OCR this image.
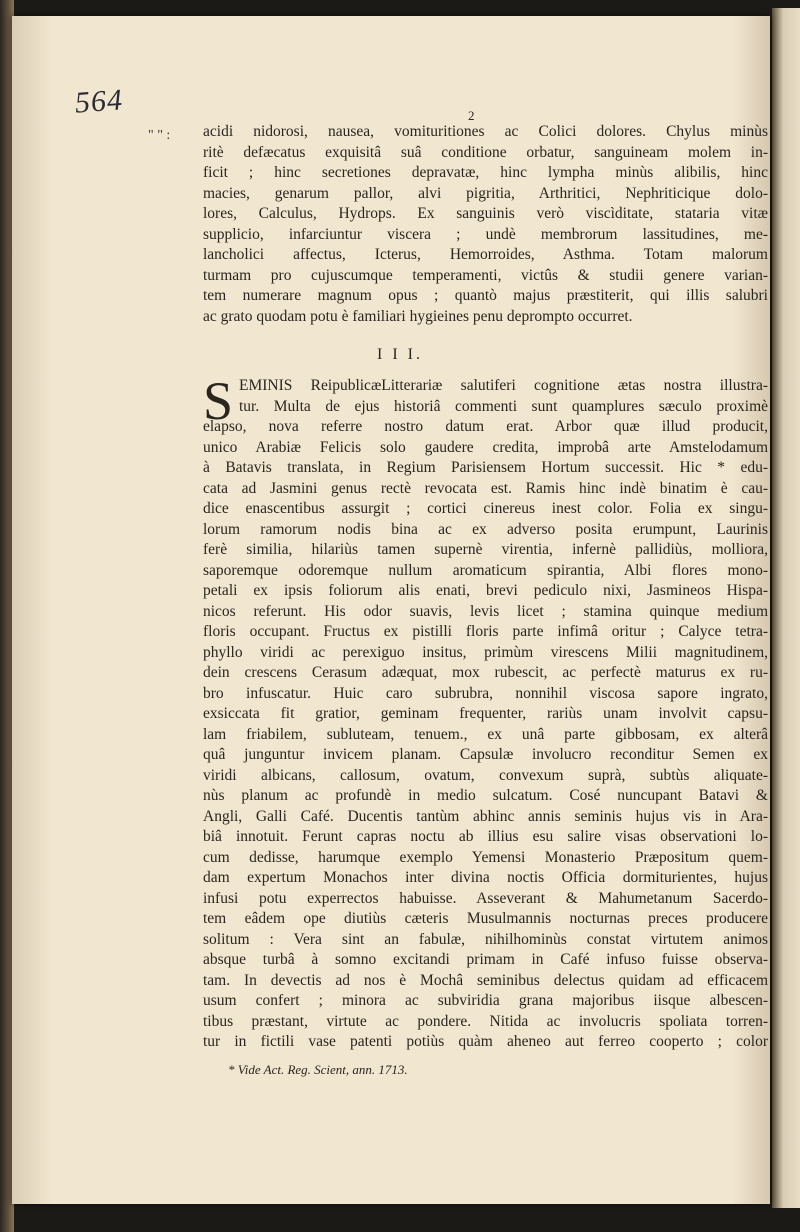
564	2
" " : acidi nidorosi, nausea, vomituritiones ac Colici dolores. Chylus minùs
ritè defæcatus exquisitâ suâ conditione orbatur, sanguineam molem in-
ficit ; hinc secretiones depravatæ, hinc lympha minùs alibilis, hinc
macies, genarum pallor, alvi pigritia, Arthritici, Nephriticique dolo-
lores, Calculus, Hydrops. Ex sanguinis verò viscìditate, stataria vitæ
supplicio, infarciuntur viscera ; undè membrorum lassitudines, me-
lancholici affectus, Icterus, Hemorroides, Asthma. Totam malorum
turmam pro cujuscumque temperamenti, victûs & studii genere varian-
tem numerare magnum opus ; quantò majus præstiterit, qui illis salubri
ac grato quodam potu è familiari hygieines penu deprompto occurret.
I I I.
S EMINIS ReipublicæLitterariæ salutiferi cognitione ætas nostra illustra-
tur. Multa de ejus historiâ commenti sunt quamplures sæculo proximè
elapso, nova referre nostro datum erat. Arbor quæ illud producit,
unico Arabiæ Felicis solo gaudere credita, improbâ arte Amstelodamum
à Batavis translata, in Regium Parisiensem Hortum successit. Hic * edu-
cata ad Jasmini genus rectè revocata est. Ramis hinc indè binatim è cau-
dice enascentibus assurgit ; cortici cinereus inest color. Folia ex singu-
lorum ramorum nodis bina ac ex adverso posita erumpunt, Laurinis
ferè similia, hilariùs tamen supernè virentia, infernè pallidiùs, molliora,
saporemque odoremque nullum aromaticum spirantia, Albi flores mono-
petali ex ipsis foliorum alis enati, brevi pediculo nixi, Jasmineos Hispa-
nicos referunt. His odor suavis, levis licet ; stamina quinque medium
floris occupant. Fructus ex pistilli floris parte infimâ oritur ; Calyce tetra-
phyllo viridi ac perexiguo insitus, primùm virescens Milii magnitudinem,
dein crescens Cerasum adæquat, mox rubescit, ac perfectè maturus ex ru-
bro infuscatur. Huic caro subrubra, nonnihil viscosa sapore ingrato,
exsiccata fit gratior, geminam frequenter, rariùs unam involvit capsu-
lam friabilem, subluteam, tenuem., ex unâ parte gibbosam, ex alterâ
quâ junguntur invicem planam. Capsulæ involucro reconditur Semen ex
viridi albicans, callosum, ovatum, convexum suprà, subtùs aliquate-
nùs planum ac profundè in medio sulcatum. Cosé nuncupant Batavi &
Angli, Galli Café. Ducentis tantùm abhinc annis seminis hujus vis in Ara-
biâ innotuit. Ferunt capras noctu ab illius esu salire visas observationi lo-
cum dedisse, harumque exemplo Yemensi Monasterio Præpositum quem-
dam expertum Monachos inter divina noctis Officia dormiturientes, hujus
infusi potu experrectos habuisse. Asseverant & Mahumetanum Sacerdo-
tem eâdem ope diutiùs cæteris Musulmannis nocturnas preces producere
solitum : Vera sint an fabulæ, nihilhominùs constat virtutem animos
absque turbâ à somno excitandi primam in Café infuso fuisse observa-
tam. In devectis ad nos è Mochâ seminibus delectus quidam ad efficacem
usum confert ; minora ac subviridia grana majoribus iisque albescen-
tibus præstant, virtute ac pondere. Nitida ac involucris spoliata torren-
tur in fictili vase patenti potiùs quàm aheneo aut ferreo cooperto ; color
* Vide Act. Reg. Scient, ann. 1713.
